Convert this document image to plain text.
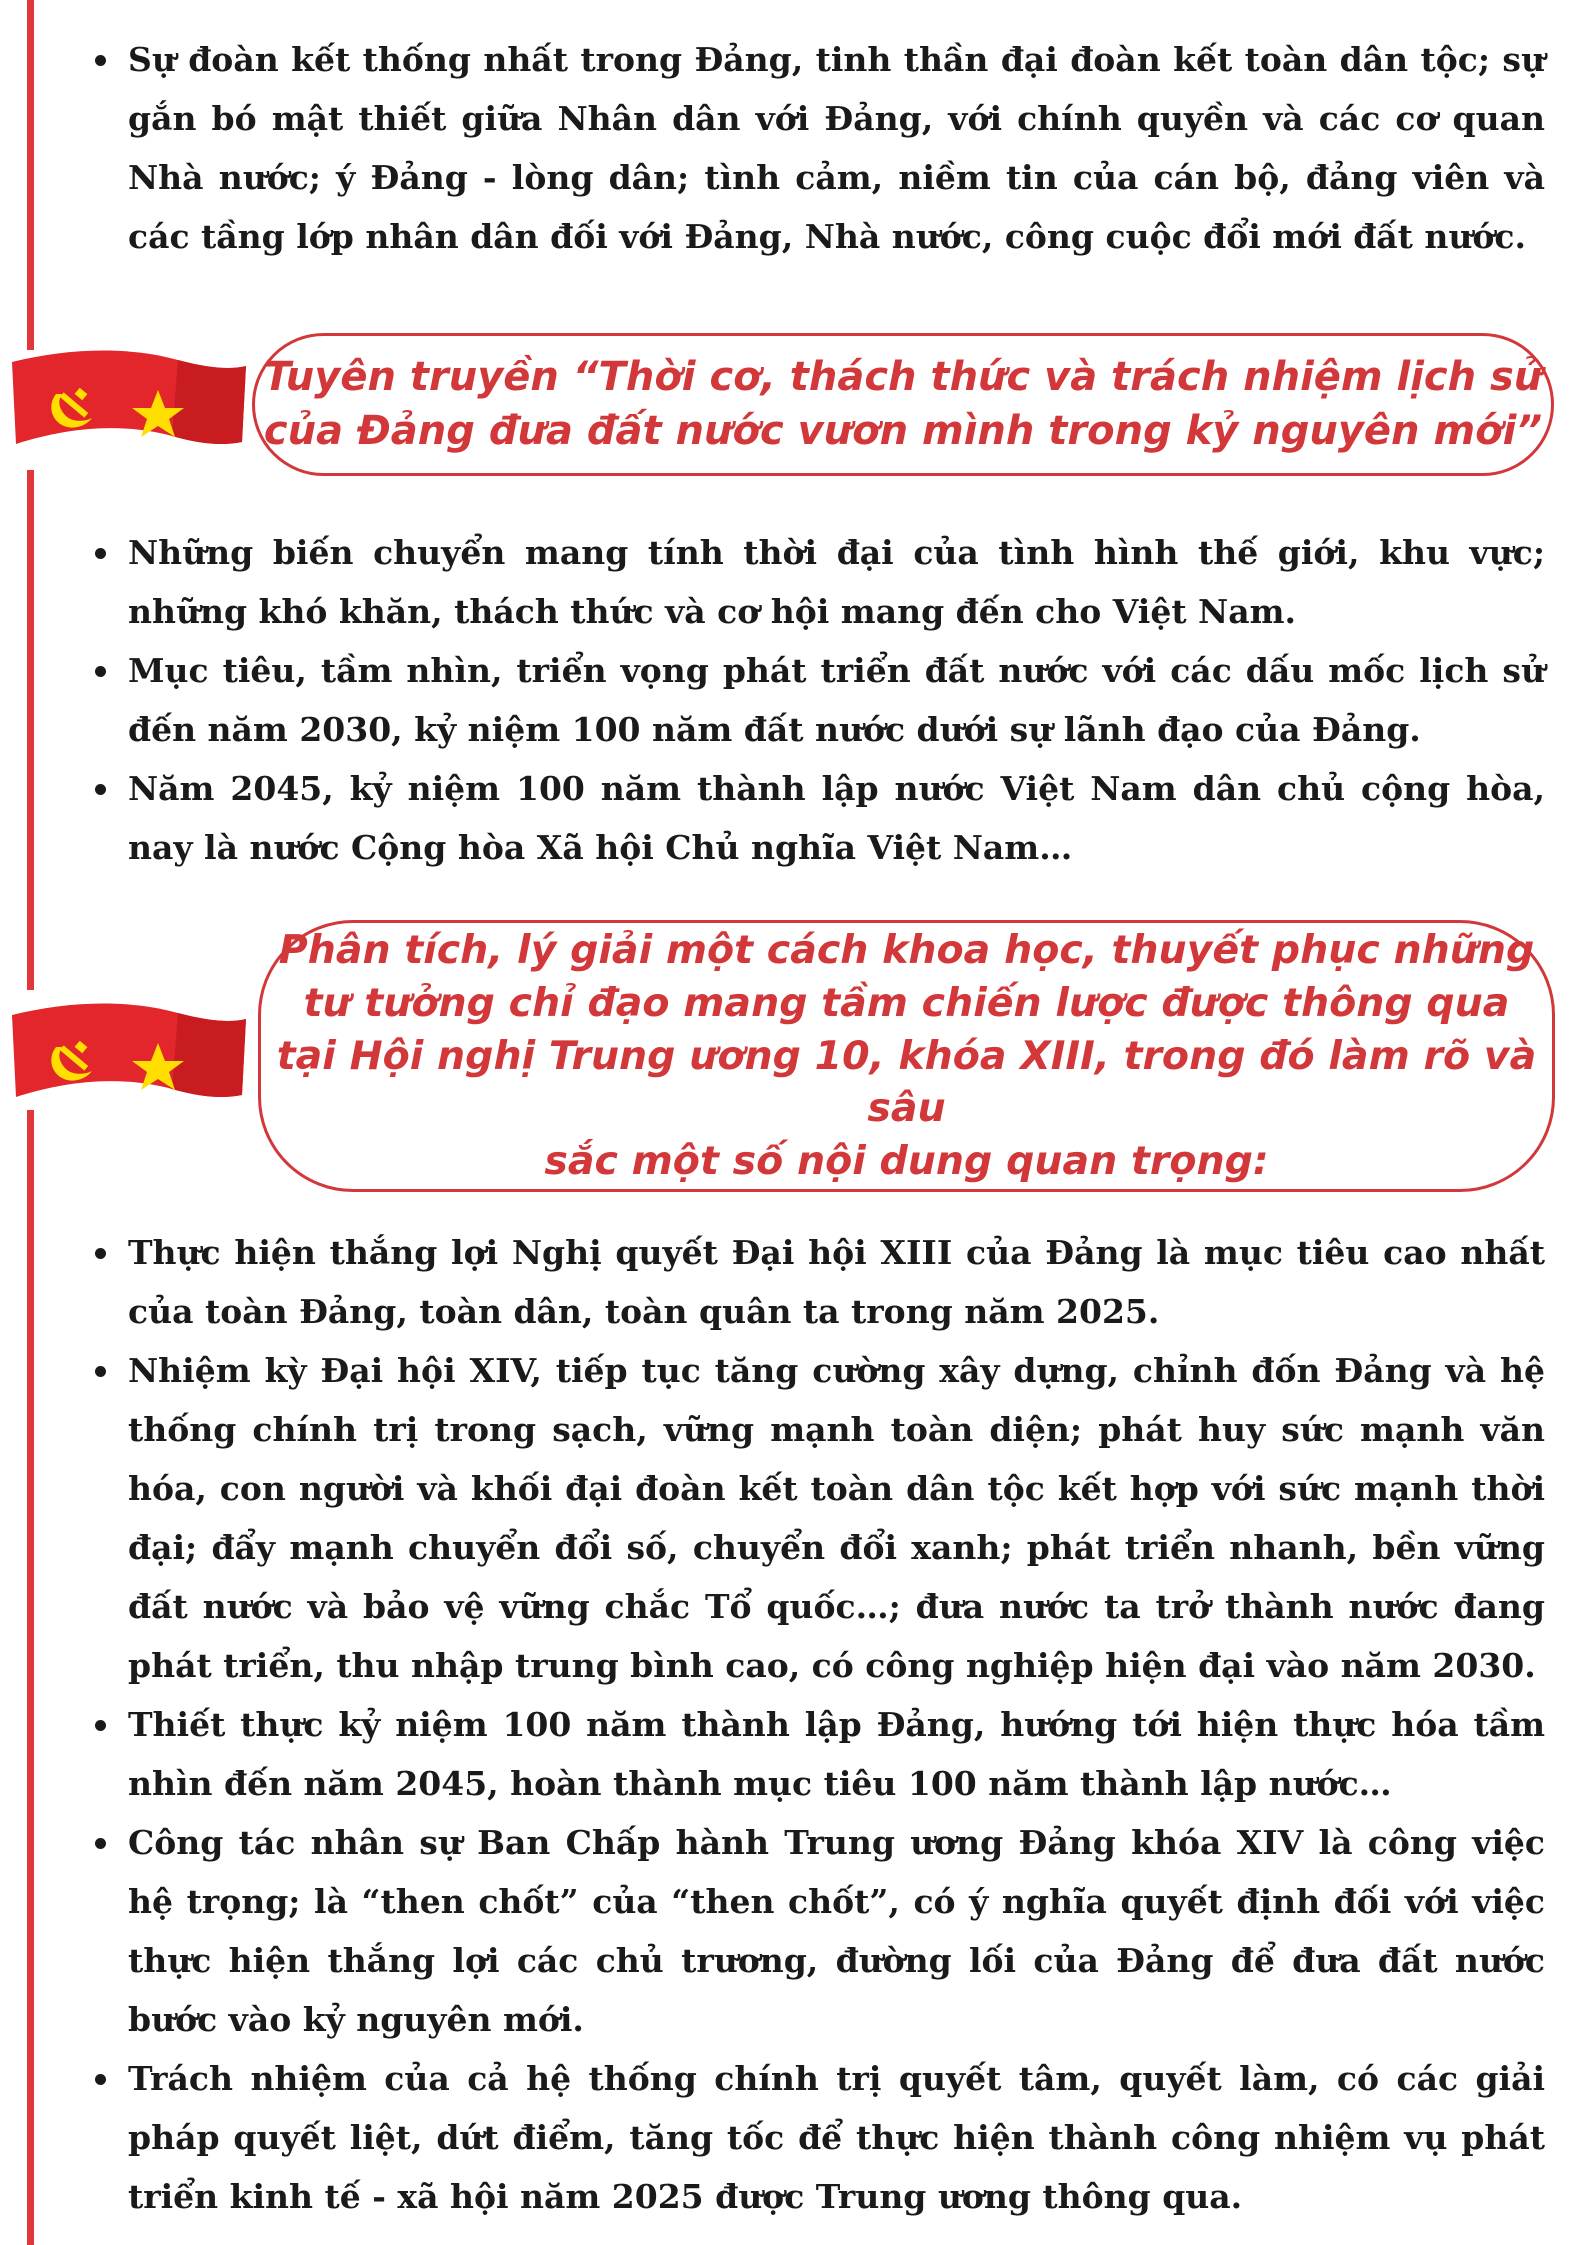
Sự đoàn kết thống nhất trong Đảng, tinh thần đại đoàn kết toàn dân tộc; sự gắn bó mật thiết giữa Nhân dân với Đảng, với chính quyền và các cơ quan Nhà nước; ý Đảng - lòng dân; tình cảm, niềm tin của cán bộ, đảng viên và các tầng lớp nhân dân đối với Đảng, Nhà nước, công cuộc đổi mới đất nước.
Tuyên truyền “Thời cơ, thách thức và trách nhiệm lịch sử
của Đảng đưa đất nước vươn mình trong kỷ nguyên mới”
Những biến chuyển mang tính thời đại của tình hình thế giới, khu vực; những khó khăn, thách thức và cơ hội mang đến cho Việt Nam.
Mục tiêu, tầm nhìn, triển vọng phát triển đất nước với các dấu mốc lịch sử đến năm 2030, kỷ niệm 100 năm đất nước dưới sự lãnh đạo của Đảng.
Năm 2045, kỷ niệm 100 năm thành lập nước Việt Nam dân chủ cộng hòa, nay là nước Cộng hòa Xã hội Chủ nghĩa Việt Nam…
Phân tích, lý giải một cách khoa học, thuyết phục những
tư tưởng chỉ đạo mang tầm chiến lược được thông qua
tại Hội nghị Trung ương 10, khóa XIII, trong đó làm rõ và sâu
sắc một số nội dung quan trọng:
Thực hiện thắng lợi Nghị quyết Đại hội XIII của Đảng là mục tiêu cao nhất của toàn Đảng, toàn dân, toàn quân ta trong năm 2025.
Nhiệm kỳ Đại hội XIV, tiếp tục tăng cường xây dựng, chỉnh đốn Đảng và hệ thống chính trị trong sạch, vững mạnh toàn diện; phát huy sức mạnh văn hóa, con người và khối đại đoàn kết toàn dân tộc kết hợp với sức mạnh thời đại; đẩy mạnh chuyển đổi số, chuyển đổi xanh; phát triển nhanh, bền vững đất nước và bảo vệ vững chắc Tổ quốc…; đưa nước ta trở thành nước đang phát triển, thu nhập trung bình cao, có công nghiệp hiện đại vào năm 2030.
Thiết thực kỷ niệm 100 năm thành lập Đảng, hướng tới hiện thực hóa tầm nhìn đến năm 2045, hoàn thành mục tiêu 100 năm thành lập nước…
Công tác nhân sự Ban Chấp hành Trung ương Đảng khóa XIV là công việc hệ trọng; là “then chốt” của “then chốt”, có ý nghĩa quyết định đối với việc thực hiện thắng lợi các chủ trương, đường lối của Đảng để đưa đất nước bước vào kỷ nguyên mới.
Trách nhiệm của cả hệ thống chính trị quyết tâm, quyết làm, có các giải pháp quyết liệt, dứt điểm, tăng tốc để thực hiện thành công nhiệm vụ phát triển kinh tế - xã hội năm 2025 được Trung ương thông qua.
